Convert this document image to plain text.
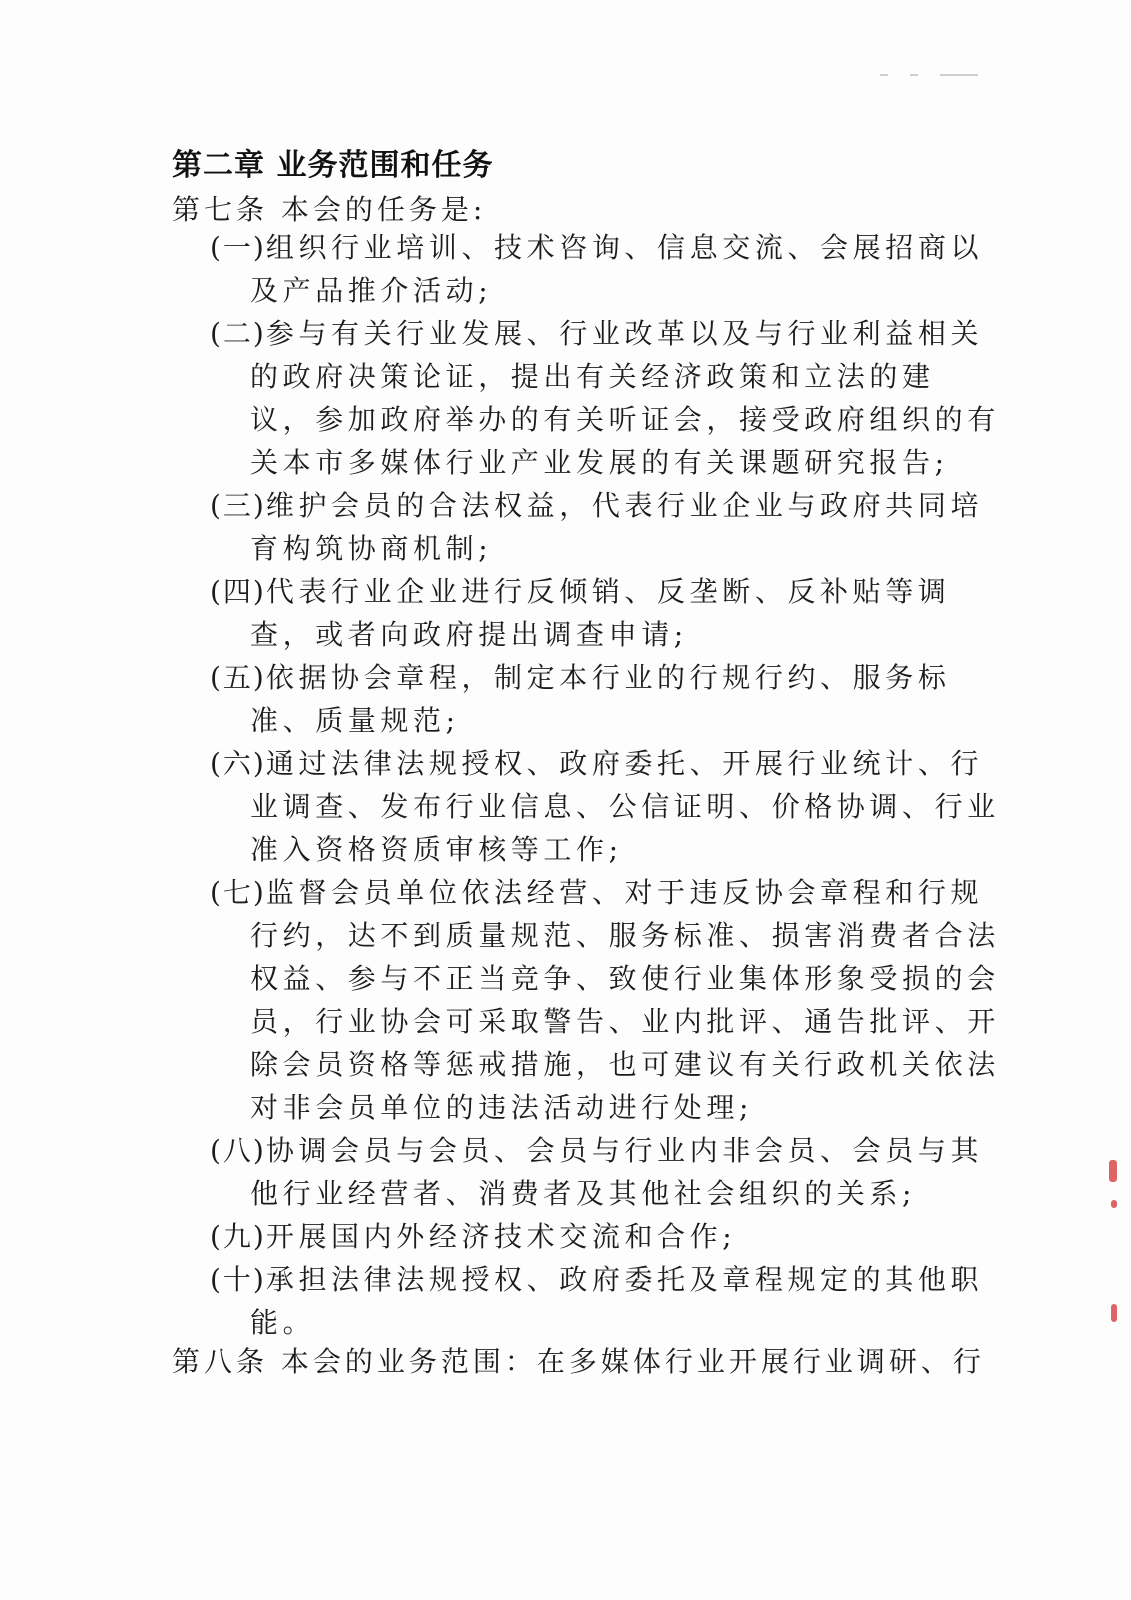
第二章 业务范围和任务
第七条 本会的任务是:
(一)组织行业培训、技术咨询、信息交流、会展招商以
及产品推介活动;
(二)参与有关行业发展、行业改革以及与行业利益相关
的政府决策论证，提出有关经济政策和立法的建
议，参加政府举办的有关听证会，接受政府组织的有
关本市多媒体行业产业发展的有关课题研究报告;
(三)维护会员的合法权益，代表行业企业与政府共同培
育构筑协商机制;
(四)代表行业企业进行反倾销、反垄断、反补贴等调
查，或者向政府提出调查申请;
(五)依据协会章程，制定本行业的行规行约、服务标
准、质量规范;
(六)通过法律法规授权、政府委托、开展行业统计、行
业调查、发布行业信息、公信证明、价格协调、行业
准入资格资质审核等工作;
(七)监督会员单位依法经营、对于违反协会章程和行规
行约，达不到质量规范、服务标准、损害消费者合法
权益、参与不正当竞争、致使行业集体形象受损的会
员，行业协会可采取警告、业内批评、通告批评、开
除会员资格等惩戒措施，也可建议有关行政机关依法
对非会员单位的违法活动进行处理;
(八)协调会员与会员、会员与行业内非会员、会员与其
他行业经营者、消费者及其他社会组织的关系;
(九)开展国内外经济技术交流和合作;
(十)承担法律法规授权、政府委托及章程规定的其他职
能。
第八条 本会的业务范围：在多媒体行业开展行业调研、行
